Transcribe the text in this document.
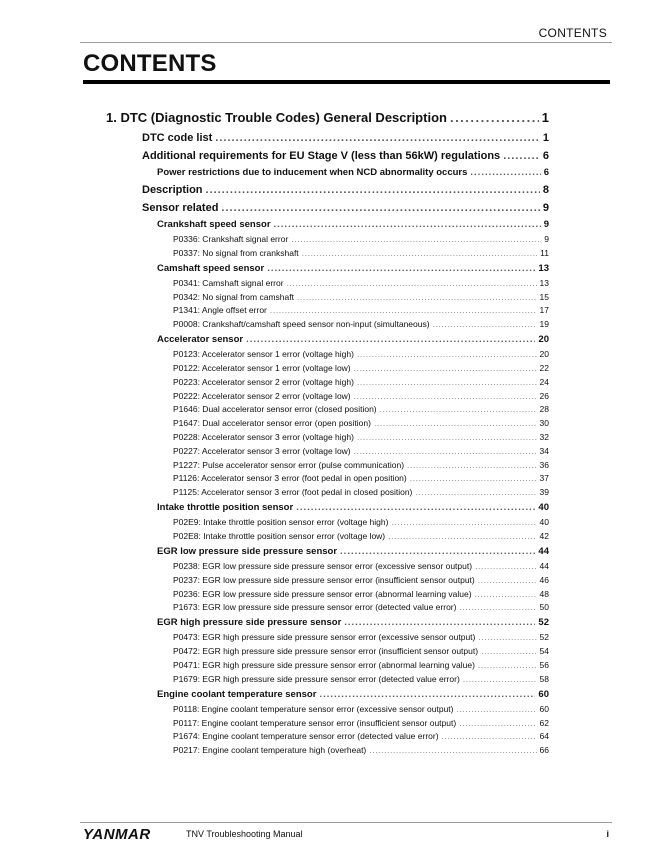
CONTENTS
CONTENTS
1. DTC (Diagnostic Trouble Codes) General Description .....	1
DTC code list .....	1
Additional requirements for EU Stage V (less than 56kW) regulations .....	6
Power restrictions due to inducement when NCD abnormality occurs .....	6
Description .....	8
Sensor related .....	9
Crankshaft speed sensor .....	9
P0336: Crankshaft signal error .....	9
P0337: No signal from crankshaft .....	11
Camshaft speed sensor .....	13
P0341: Camshaft signal error .....	13
P0342: No signal from camshaft .....	15
P1341: Angle offset error .....	17
P0008: Crankshaft/camshaft speed sensor non-input (simultaneous) .....	19
Accelerator sensor .....	20
P0123: Accelerator sensor 1 error (voltage high) .....	20
P0122: Accelerator sensor 1 error (voltage low) .....	22
P0223: Accelerator sensor 2 error (voltage high) .....	24
P0222: Accelerator sensor 2 error (voltage low) .....	26
P1646: Dual accelerator sensor error (closed position) .....	28
P1647: Dual accelerator sensor error (open position) .....	30
P0228: Accelerator sensor 3 error (voltage high) .....	32
P0227: Accelerator sensor 3 error (voltage low) .....	34
P1227: Pulse accelerator sensor error (pulse communication) .....	36
P1126: Accelerator sensor 3 error (foot pedal in open position) .....	37
P1125: Accelerator sensor 3 error (foot pedal in closed position) .....	39
Intake throttle position sensor .....	40
P02E9: Intake throttle position sensor error (voltage high) .....	40
P02E8: Intake throttle position sensor error (voltage low) .....	42
EGR low pressure side pressure sensor .....	44
P0238: EGR low pressure side pressure sensor error (excessive sensor output) .....	44
P0237: EGR low pressure side pressure sensor error (insufficient sensor output) .....	46
P0236: EGR low pressure side pressure sensor error (abnormal learning value) .....	48
P1673: EGR low pressure side pressure sensor error (detected value error) .....	50
EGR high pressure side pressure sensor .....	52
P0473: EGR high pressure side pressure sensor error (excessive sensor output) .....	52
P0472: EGR high pressure side pressure sensor error (insufficient sensor output) .....	54
P0471: EGR high pressure side pressure sensor error (abnormal learning value) .....	56
P1679: EGR high pressure side pressure sensor error (detected value error) .....	58
Engine coolant temperature sensor .....	60
P0118: Engine coolant temperature sensor error (excessive sensor output) .....	60
P0117: Engine coolant temperature sensor error (insufficient sensor output) .....	62
P1674: Engine coolant temperature sensor error (detected value error) .....	64
P0217: Engine coolant temperature high (overheat) .....	66
YANMAR	TNV Troubleshooting Manual	i
